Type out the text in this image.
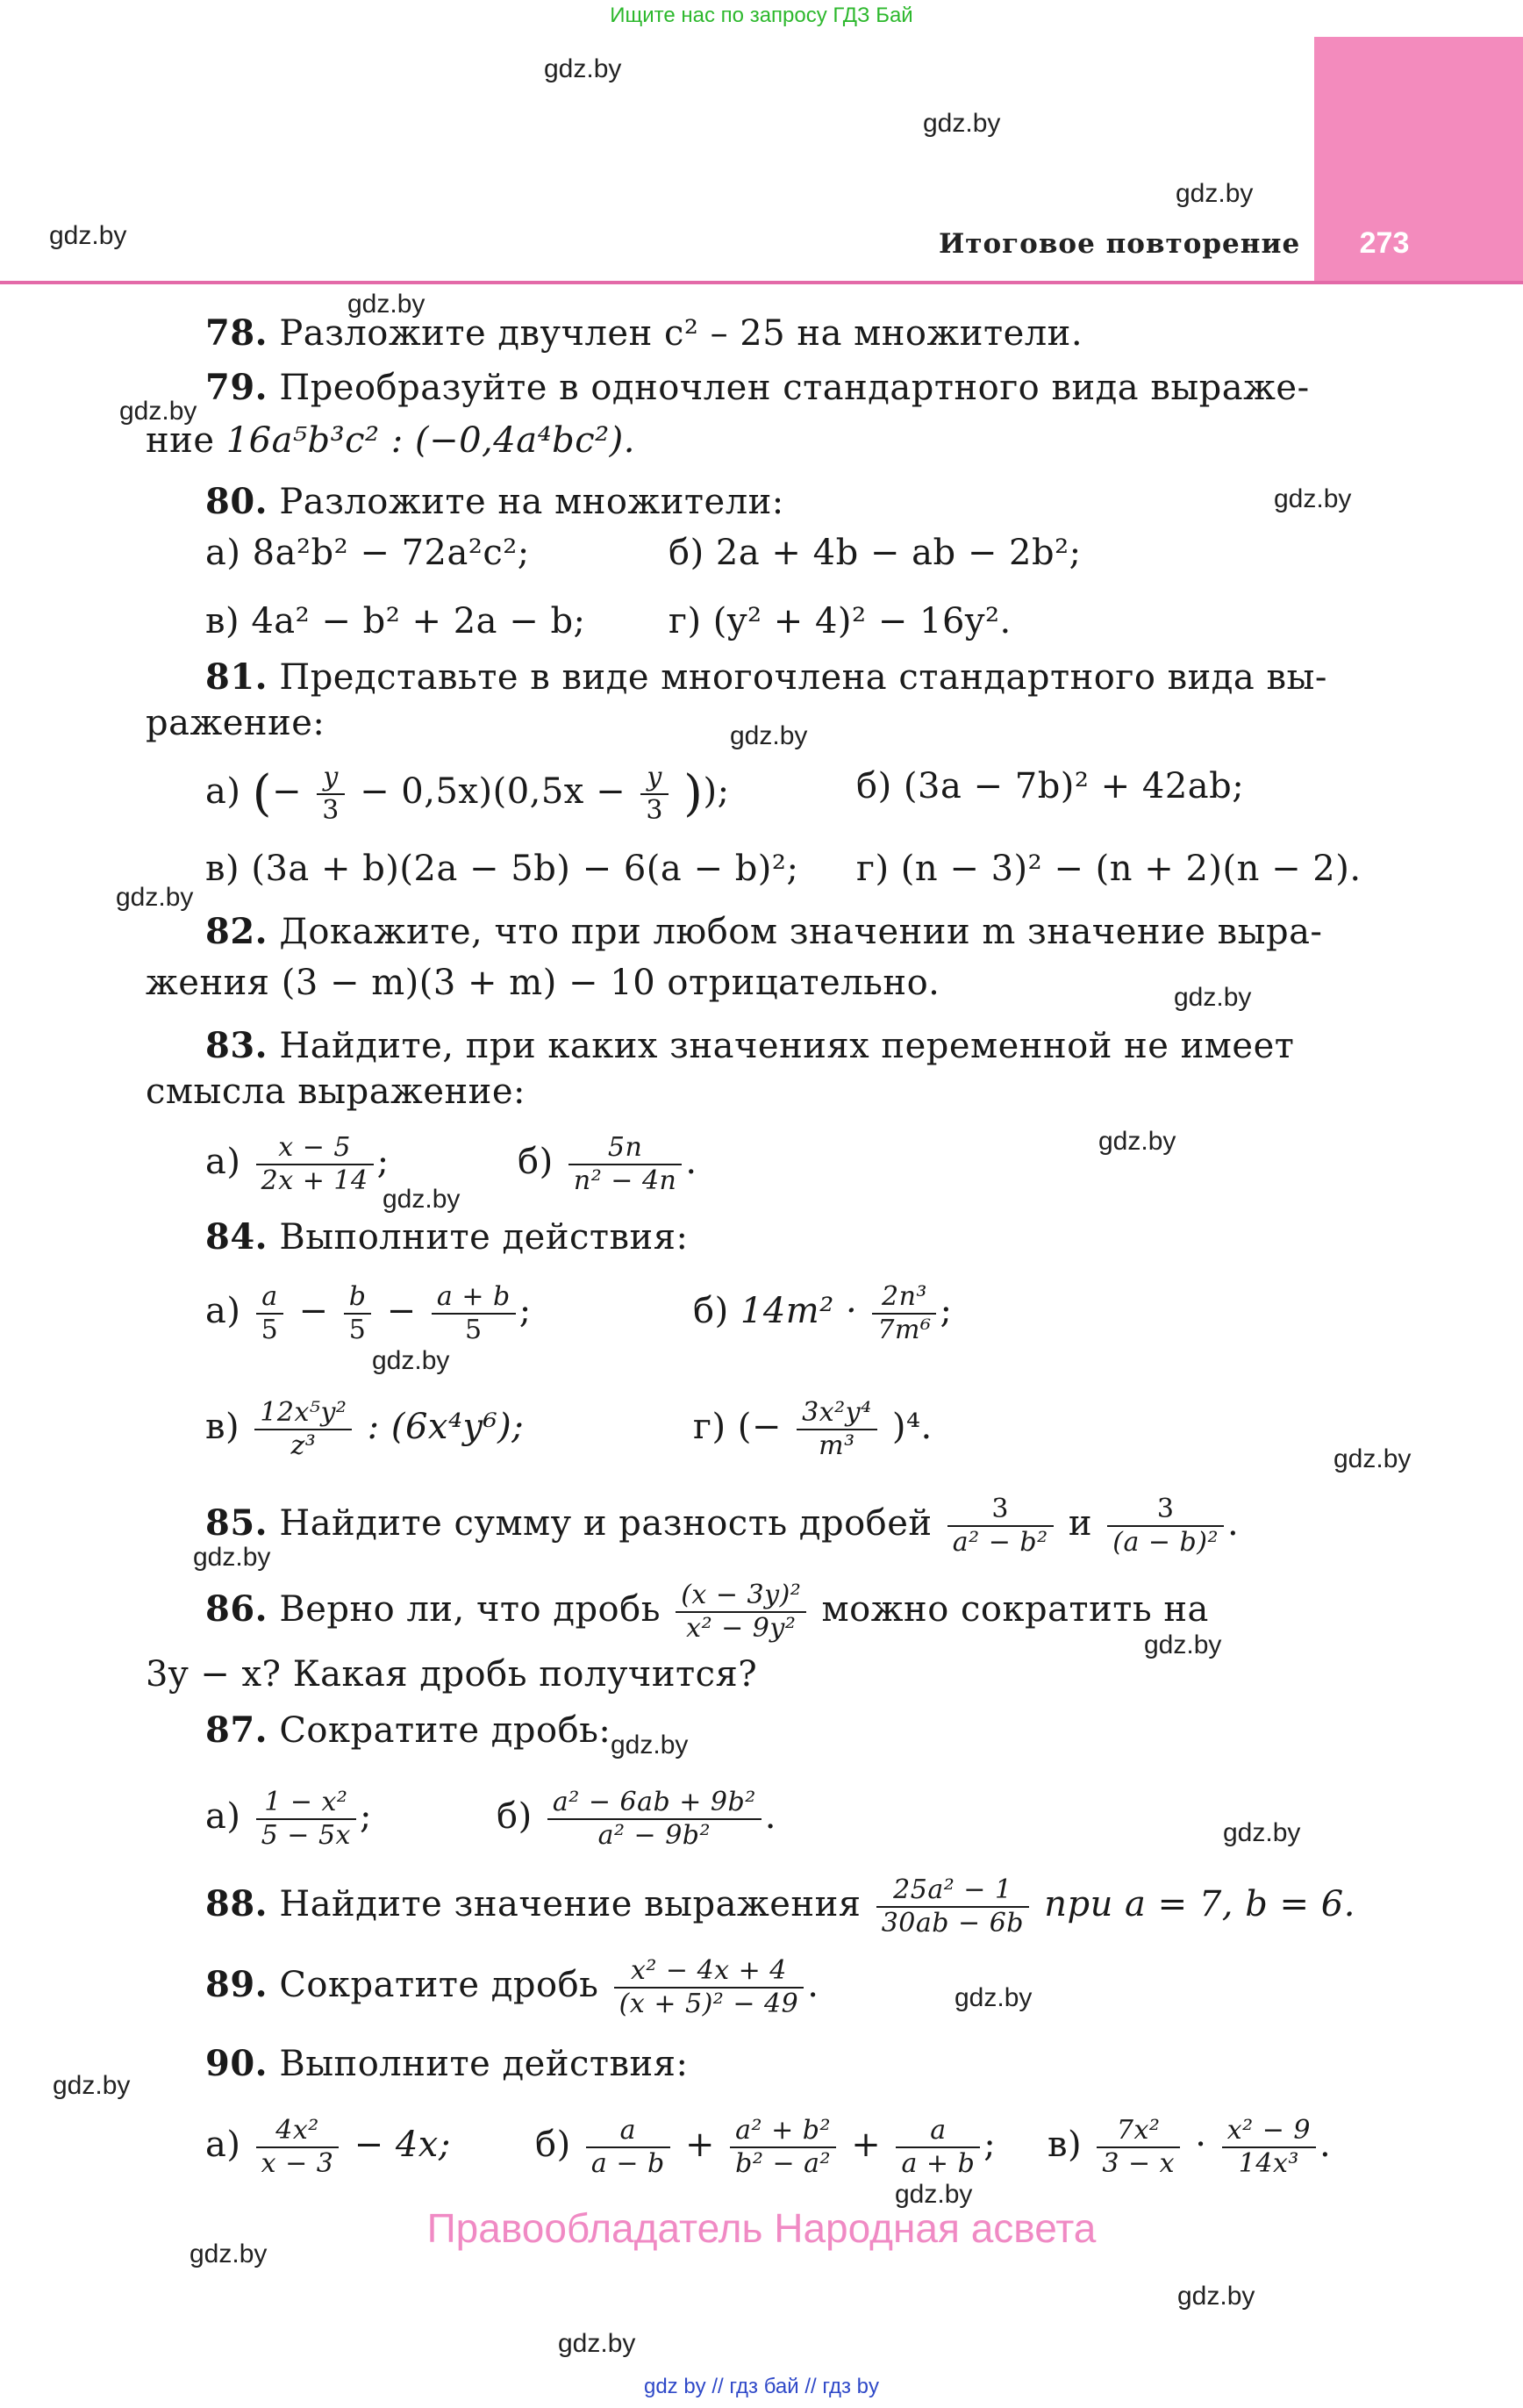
Ищите нас по запросу ГДЗ Бай
gdz by // гдз бай // гдз by
273
Итоговое повторение
gdz.by
gdz.by
gdz.by
gdz.by
gdz.by
gdz.by
gdz.by
gdz.by
gdz.by
gdz.by
gdz.by
gdz.by
gdz.by
gdz.by
gdz.by
gdz.by
gdz.by
gdz.by
gdz.by
gdz.by
gdz.by
gdz.by
gdz.by
gdz.by
78. Разложите двучлен c² – 25 на множители.
79. Преобразуйте в одночлен стандартного вида выраже-
ние 16a⁵b³c² : (−0,4a⁴bc²).
80. Разложите на множители:
а) 8a²b² − 72a²c²;	б) 2a + 4b − ab − 2b²;
в) 4a² − b² + 2a − b; г) (y² + 4)² − 16y².
81. Представьте в виде многочлена стандартного вида вы-
ражение:
а) (− $\frac{y}{3} - 0,5x)(0,5x - \frac{y}{3}$ ));	б) (3a − 7b)² + 42ab;
в) (3a + b)(2a − 5b) − 6(a − b)²; г) (n − 3)² − (n + 2)(n − 2).
82. Докажите, что при любом значении m значение выра-
жения (3 − m)(3 + m) − 10 отрицательно.
83. Найдите, при каких значениях переменной не имеет
смысла выражение:
$а) \frac{x - 5}{2x + 14}$ ;	$б) \frac{5n}{\text{n² − 4n}}$ .
84. Выполните действия:
$а) \frac{a}{5} - \frac{b}{5} - \frac{a + b}{5}$ ;	б) $14m^2 \cdot \frac{\text{2n³}}{\text{7m⁶}}$ ;
$в) \frac{\text{12x⁵y²}}{\text{z³}}$ : (6x⁴y⁶);	г) (− $\frac{\text{3x²y⁴}}{\text{m³}} )^4$.
85. Найдите сумму и разность дробей $\frac{3}{\text{a² − b²}}$ и $\frac{3}{\text{(a − b)²}}$ .
86. Верно ли, что дробь $\frac{\text{(x − 3y)²}}{\text{x² − 9y²}}$ можно сократить на
3y − x? Какая дробь получится?
87. Сократите дробь:
$а) \frac{\text{1 − x²}}{5 - 5x}$ ;	$б) \frac{\text{a² − 6ab + 9b²}}{\text{a² − 9b²}}$ .
88. Найдите значение выражения $\frac{\text{25a² − 1}}{30ab - 6b}$ при a = 7, b = 6.
89. Сократите дробь $\frac{\text{x² − 4x + 4}}{\text{(x + 5)² − 49}}$ .
90. Выполните действия:
$а) \frac{\text{4x²}}{x - 3} - 4x$; $б) \frac{a}{a - b} + \frac{\text{a² + b²}}{\text{b² − a²}} + \frac{a}{a + b}$ ; $в) \frac{\text{7x²}}{3 - x} \cdot \frac{\text{x² − 9}}{\text{14x³}}$ .
Правообладатель Народная асвета
